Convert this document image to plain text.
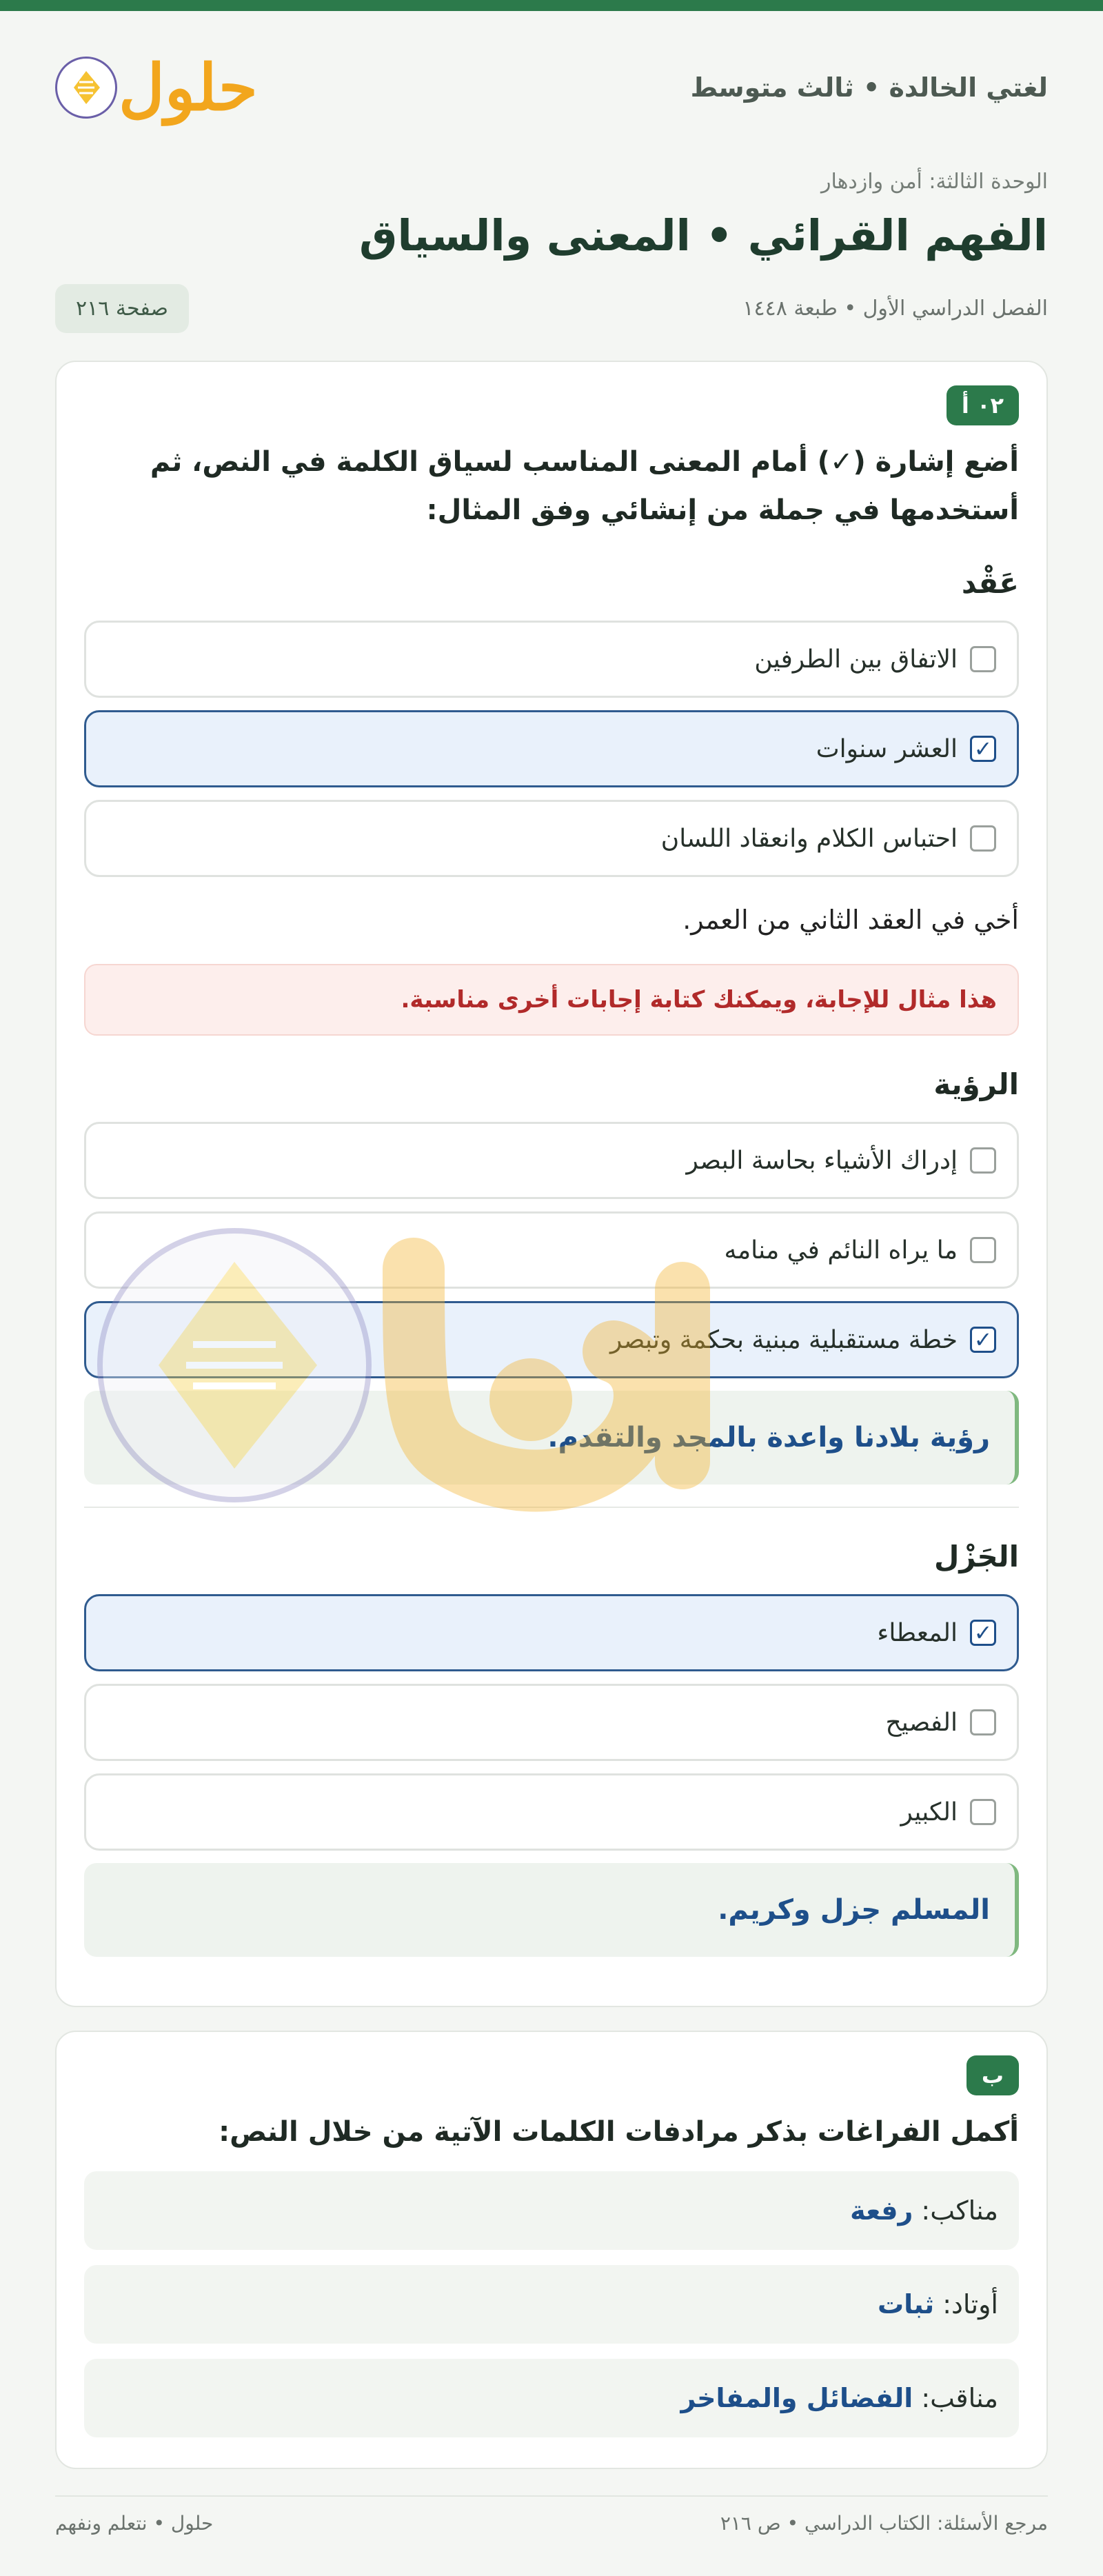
لغتي الخالدة • ثالث متوسط
حلول
الوحدة الثالثة: أمن وازدهار
الفهم القرائي • المعنى والسياق
الفصل الدراسي الأول • طبعة ١٤٤٨
صفحة ٢١٦
٠٢ أ
أضع إشارة (✓) أمام المعنى المناسب لسياق الكلمة في النص، ثم أستخدمها في جملة من إنشائي وفق المثال:
عَقْد
الاتفاق بين الطرفين
✓
العشر سنوات
احتباس الكلام وانعقاد اللسان
أخي في العقد الثاني من العمر.
هذا مثال للإجابة، ويمكنك كتابة إجابات أخرى مناسبة.
الرؤية
إدراك الأشياء بحاسة البصر
ما يراه النائم في منامه
✓
خطة مستقبلية مبنية بحكمة وتبصر
رؤية بلادنا واعدة بالمجد والتقدم.
الجَزْل
✓
المعطاء
الفصيح
الكبير
المسلم جزل وكريم.
ب
أكمل الفراغات بذكر مرادفات الكلمات الآتية من خلال النص:
مناكب:
رفعة
أوتاد:
ثبات
مناقب:
الفضائل والمفاخر
مرجع الأسئلة: الكتاب الدراسي • ص ٢١٦
حلول • نتعلم ونفهم
